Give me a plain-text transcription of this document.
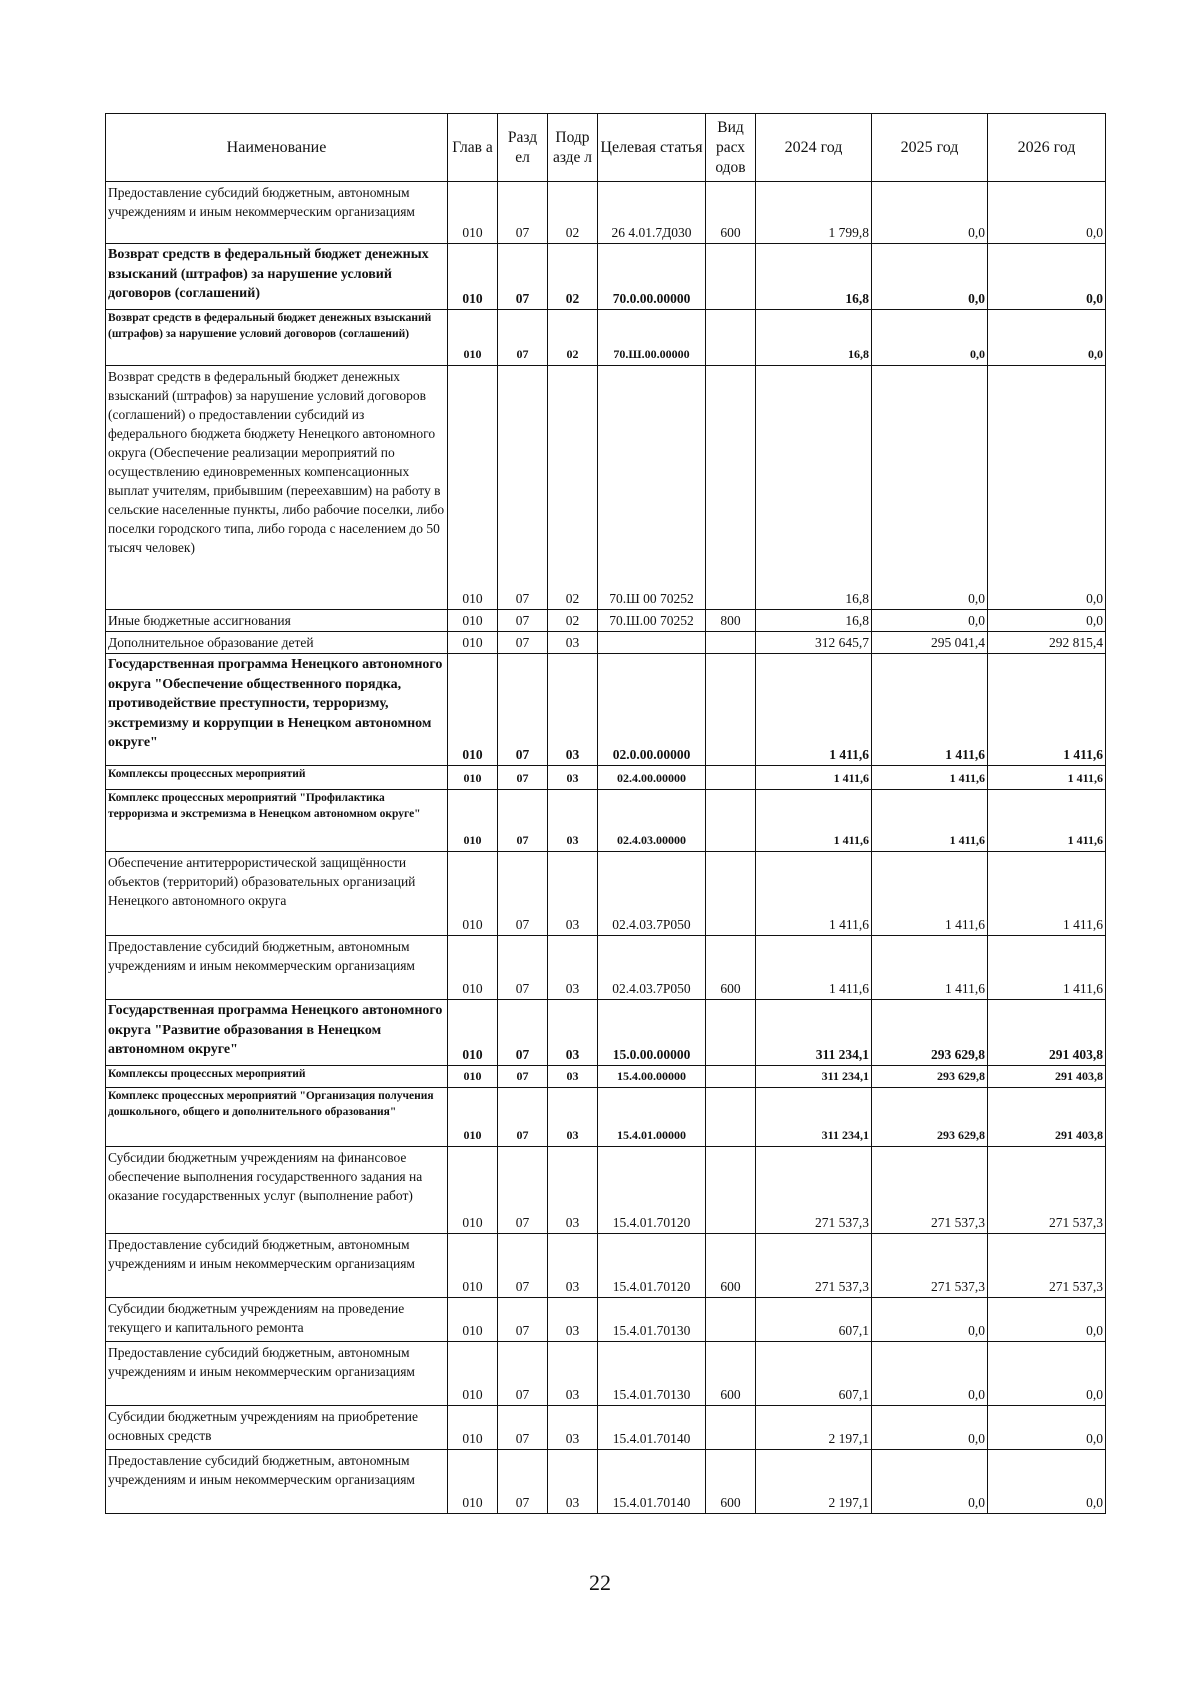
Наименование	Глав а	Разд ел	Подр азде л	Целевая статья	Вид расх одов	2024 год	2025 год	2026 год
Предоставление субсидий бюджетным, автономным учреждениям и иным некоммерческим организациям	010	07	02	26 4.01.7Д030	600	1 799,8	0,0	0,0
Возврат средств в федеральный бюджет денежных взысканий (штрафов) за нарушение условий договоров (соглашений)	010	07	02	70.0.00.00000		16,8	0,0	0,0
Возврат средств в федеральный бюджет денежных взысканий (штрафов) за нарушение условий договоров (соглашений)	010	07	02	70.Ш.00.00000		16,8	0,0	0,0
Возврат средств в федеральный бюджет денежных взысканий (штрафов) за нарушение условий договоров (соглашений) о предоставлении субсидий из федерального бюджета бюджету Ненецкого автономного округа (Обеспечение реализации мероприятий по осуществлению единовременных компенсационных выплат учителям, прибывшим (переехавшим) на работу в сельские населенные пункты, либо рабочие поселки, либо поселки городского типа, либо города с населением до 50 тысяч человек)	010	07	02	70.Ш 00 70252		16,8	0,0	0,0
Иные бюджетные ассигнования	010	07	02	70.Ш.00 70252	800	16,8	0,0	0,0
Дополнительное образование детей	010	07	03			312 645,7	295 041,4	292 815,4
Государственная программа Ненецкого автономного округа "Обеспечение общественного порядка, противодействие преступности, терроризму, экстремизму и коррупции в Ненецком автономном округе"	010	07	03	02.0.00.00000		1 411,6	1 411,6	1 411,6
Комплексы процессных мероприятий	010	07	03	02.4.00.00000		1 411,6	1 411,6	1 411,6
Комплекс процессных мероприятий "Профилактика терроризма и экстремизма в Ненецком автономном округе"	010	07	03	02.4.03.00000		1 411,6	1 411,6	1 411,6
Обеспечение антитеррористической защищённости объектов (территорий) образовательных организаций Ненецкого автономного округа	010	07	03	02.4.03.7Р050		1 411,6	1 411,6	1 411,6
Предоставление субсидий бюджетным, автономным учреждениям и иным некоммерческим организациям	010	07	03	02.4.03.7Р050	600	1 411,6	1 411,6	1 411,6
Государственная программа Ненецкого автономного округа "Развитие образования в Ненецком автономном округе"	010	07	03	15.0.00.00000		311 234,1	293 629,8	291 403,8
Комплексы процессных мероприятий	010	07	03	15.4.00.00000		311 234,1	293 629,8	291 403,8
Комплекс процессных мероприятий "Организация получения дошкольного, общего и дополнительного образования"	010	07	03	15.4.01.00000		311 234,1	293 629,8	291 403,8
Субсидии бюджетным учреждениям на финансовое обеспечение выполнения государственного задания на оказание государственных услуг (выполнение работ)	010	07	03	15.4.01.70120		271 537,3	271 537,3	271 537,3
Предоставление субсидий бюджетным, автономным учреждениям и иным некоммерческим организациям	010	07	03	15.4.01.70120	600	271 537,3	271 537,3	271 537,3
Субсидии бюджетным учреждениям на проведение текущего и капитального ремонта	010	07	03	15.4.01.70130		607,1	0,0	0,0
Предоставление субсидий бюджетным, автономным учреждениям и иным некоммерческим организациям	010	07	03	15.4.01.70130	600	607,1	0,0	0,0
Субсидии бюджетным учреждениям на приобретение основных средств	010	07	03	15.4.01.70140		2 197,1	0,0	0,0
Предоставление субсидий бюджетным, автономным учреждениям и иным некоммерческим организациям	010	07	03	15.4.01.70140	600	2 197,1	0,0	0,0
22
